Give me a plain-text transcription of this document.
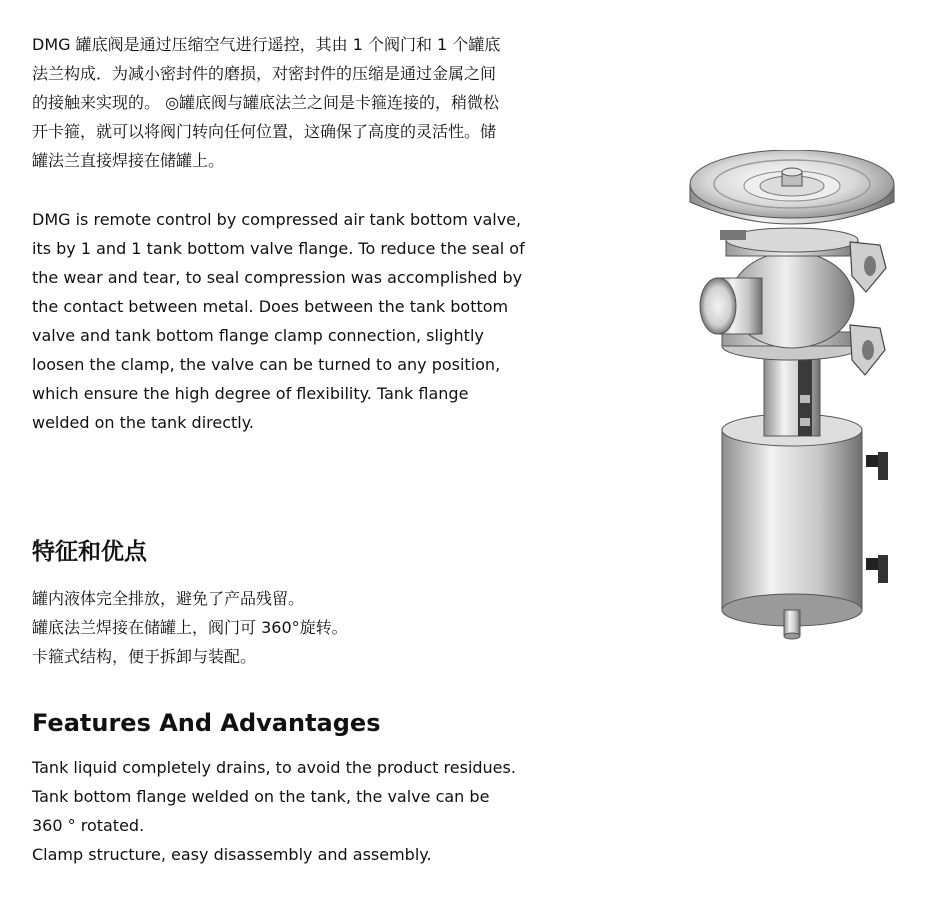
DMG 罐底阀是通过压缩空气进行遥控，其由 1 个阀门和 1 个罐底
法兰构成．为减小密封件的磨损，对密封件的压缩是通过金属之间
的接触来实现的。 ◎罐底阀与罐底法兰之间是卡箍连接的，稍微松
开卡箍，就可以将阀门转向任何位置，这确保了高度的灵活性。储
罐法兰直接焊接在储罐上。

DMG is remote control by compressed air tank bottom valve,
its by 1 and 1 tank bottom valve flange. To reduce the seal of
the wear and tear, to seal compression was accomplished by
the contact between metal. Does between the tank bottom
valve and tank bottom flange clamp connection, slightly
loosen the clamp, the valve can be turned to any position,
which ensure the high degree of flexibility. Tank flange
welded on the tank directly.

特征和优点
罐内液体完全排放，避免了产品残留。
罐底法兰焊接在储罐上，阀门可 360°旋转。
卡箍式结构，便于拆卸与装配。
Features And Advantages
Tank liquid completely drains, to avoid the product residues.
Tank bottom flange welded on the tank, the valve can be
360 ° rotated.
Clamp structure, easy disassembly and assembly.
